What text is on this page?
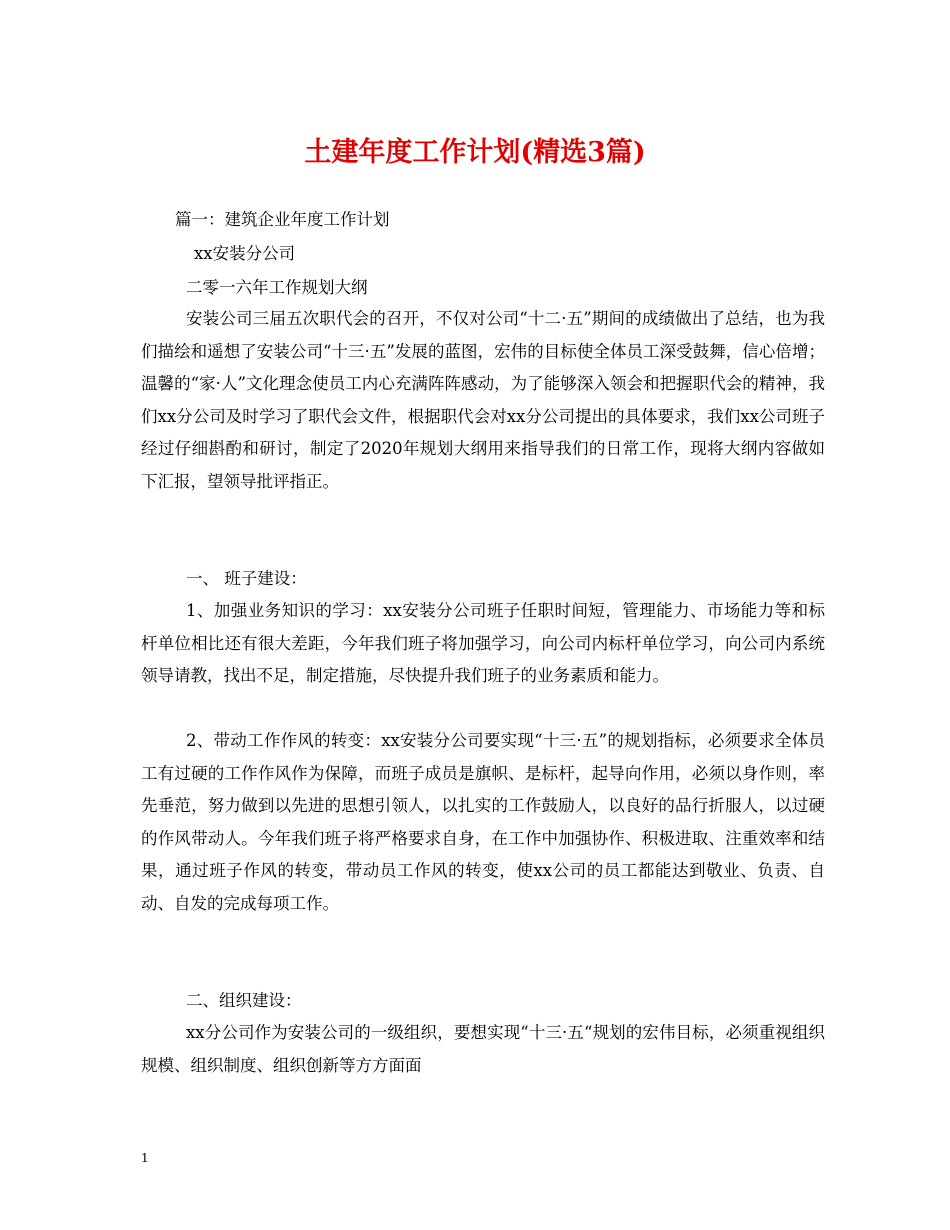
土建年度工作计划(精选3篇)
篇一：建筑企业年度工作计划
xx安装分公司
二零一六年工作规划大纲
安装公司三届五次职代会的召开，不仅对公司“十二·五”期间的成绩做出了总结，也为我们描绘和遥想了安装公司“十三·五”发展的蓝图，宏伟的目标使全体员工深受鼓舞，信心倍增；温馨的“家·人”文化理念使员工内心充满阵阵感动，为了能够深入领会和把握职代会的精神，我们xx分公司及时学习了职代会文件，根据职代会对xx分公司提出的具体要求，我们xx公司班子经过仔细斟酌和研讨，制定了2020年规划大纲用来指导我们的日常工作，现将大纲内容做如下汇报，望领导批评指正。
一、 班子建设：
1、加强业务知识的学习：xx安装分公司班子任职时间短，管理能力、市场能力等和标杆单位相比还有很大差距，今年我们班子将加强学习，向公司内标杆单位学习，向公司内系统领导请教，找出不足，制定措施，尽快提升我们班子的业务素质和能力。
2、带动工作作风的转变：xx安装分公司要实现“十三·五”的规划指标，必须要求全体员工有过硬的工作作风作为保障，而班子成员是旗帜、是标杆，起导向作用，必须以身作则，率先垂范，努力做到以先进的思想引领人，以扎实的工作鼓励人，以良好的品行折服人，以过硬的作风带动人。今年我们班子将严格要求自身，在工作中加强协作、积极进取、注重效率和结果，通过班子作风的转变，带动员工作风的转变，使xx公司的员工都能达到敬业、负责、自动、自发的完成每项工作。
二、组织建设：
xx分公司作为安装公司的一级组织，要想实现“十三·五“规划的宏伟目标，必须重视组织规模、组织制度、组织创新等方方面面
1
